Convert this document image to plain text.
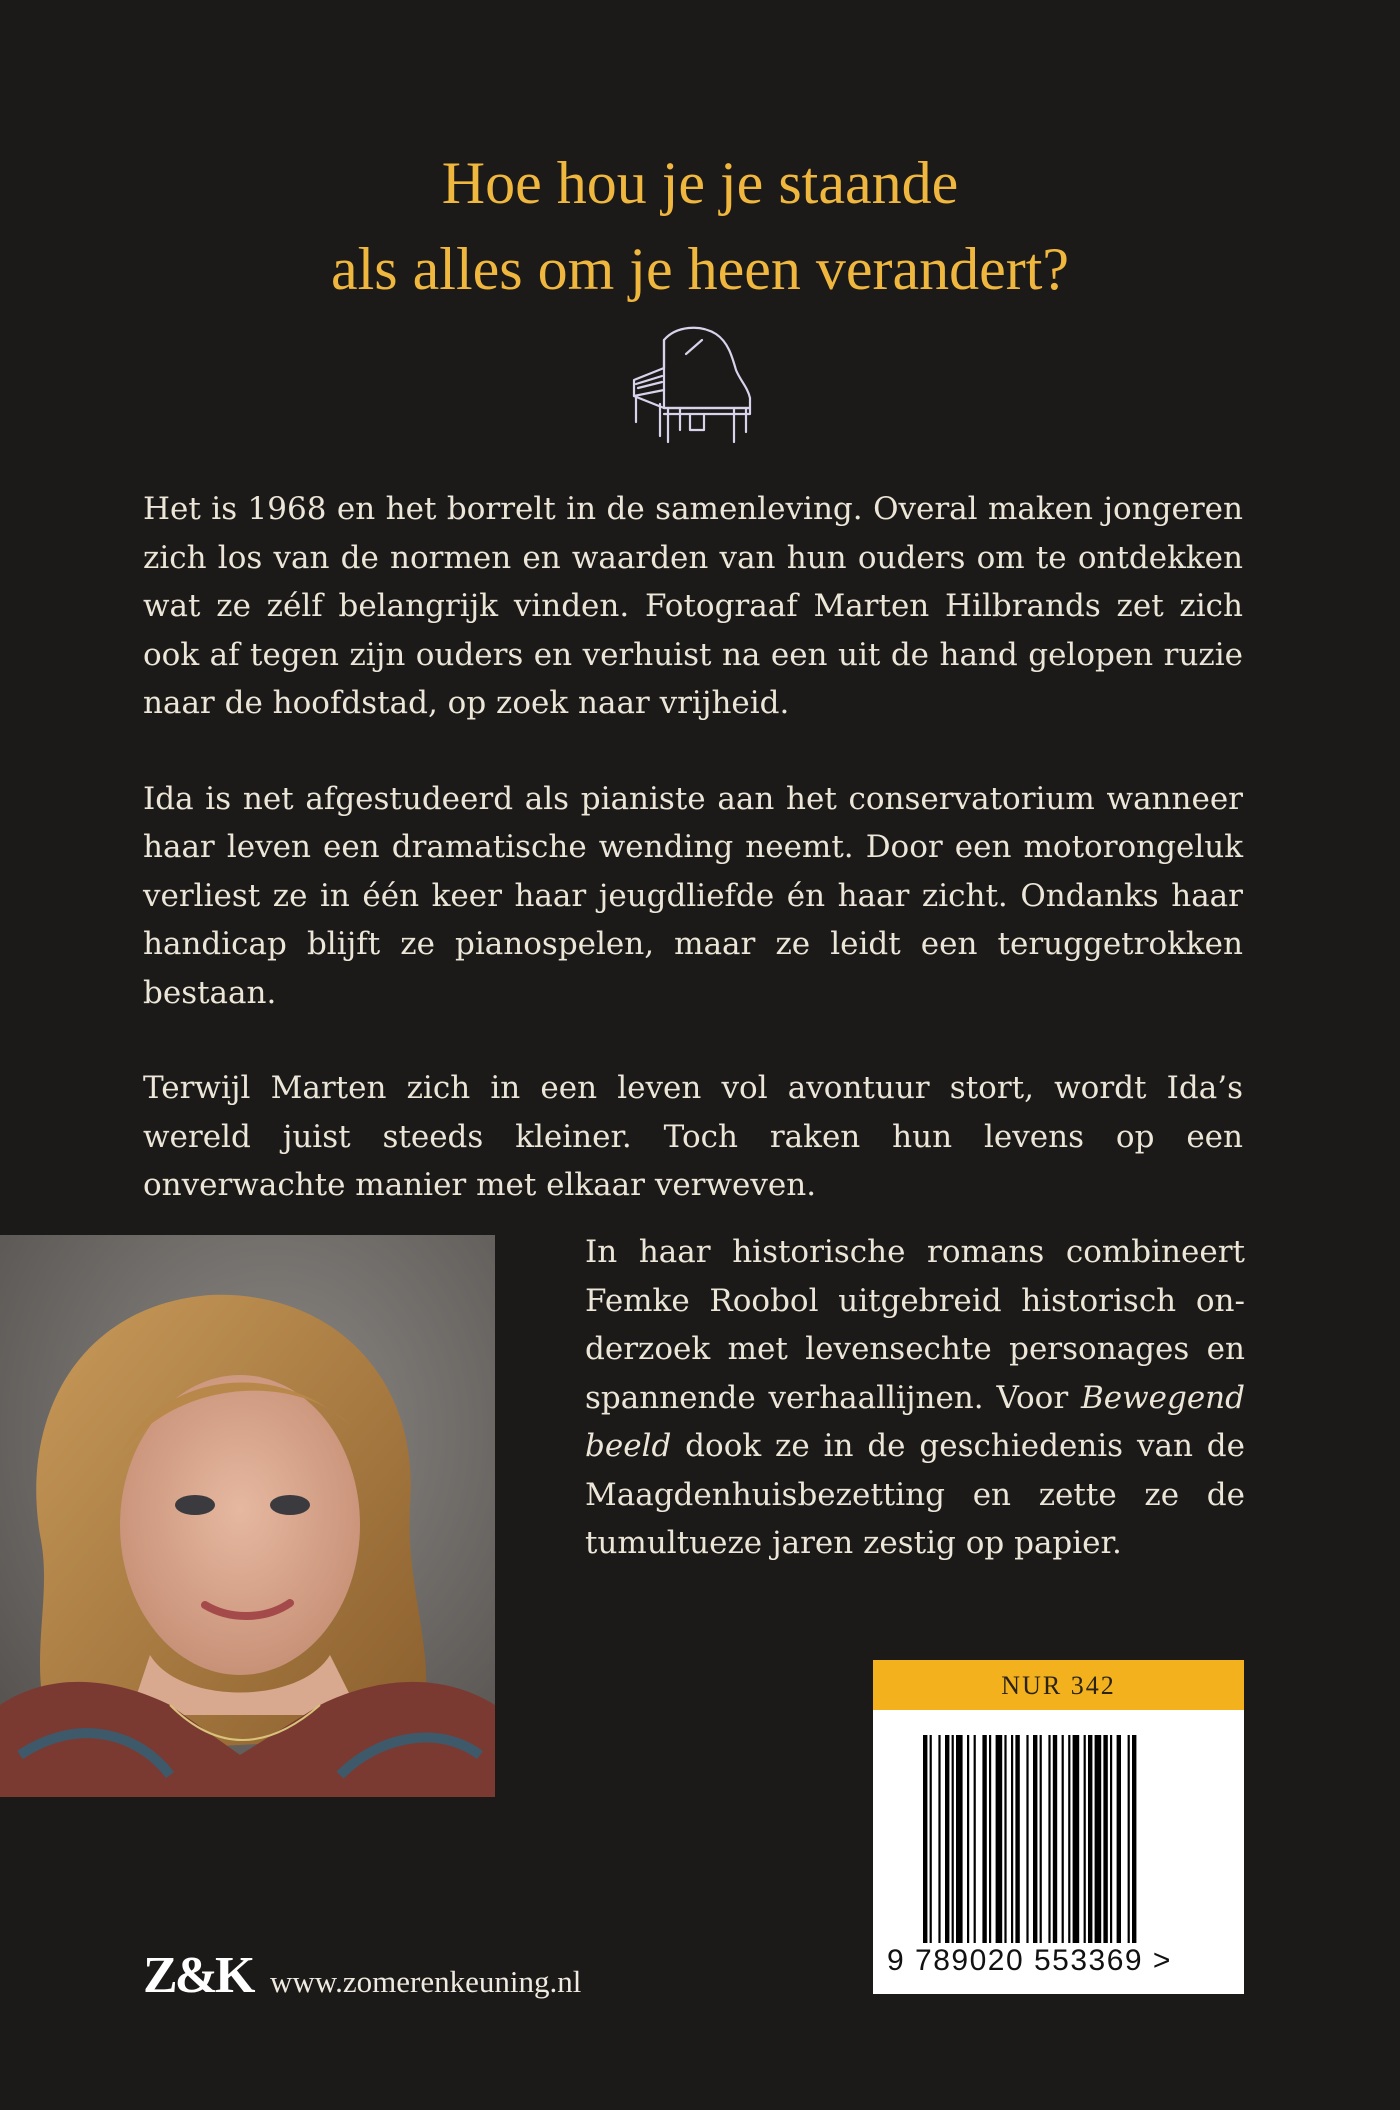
Hoe hou je je staande
als alles om je heen verandert?

Het is 1968 en het borrelt in de samenleving. Overal maken jongeren zich los van de normen en waarden van hun ouders om te ontdekken wat ze zélf belangrijk vinden. Fotograaf Marten Hilbrands zet zich ook af tegen zijn ouders en verhuist na een uit de hand gelopen ruzie naar de hoofdstad, op zoek naar vrijheid.

Ida is net afgestudeerd als pianiste aan het conservatorium wanneer haar leven een dramatische wending neemt. Door een motorongeluk verliest ze in één keer haar jeugdliefde én haar zicht. Ondanks haar handicap blijft ze pianospelen, maar ze leidt een teruggetrokken bestaan.

Terwijl Marten zich in een leven vol avontuur stort, wordt Ida’s wereld juist steeds kleiner. Toch raken hun levens op een onverwachte manier met elkaar verweven.

In haar historische romans combineert Femke Roobol uitgebreid historisch onderzoek met levensechte personages en spannende verhaallijnen. Voor Bewegend beeld dook ze in de geschiedenis van de Maagdenhuisbezetting en zette ze de tumultueze jaren zestig op papier.

NUR 342
9 789020 553369 >
Z&K www.zomerenkeuning.nl
